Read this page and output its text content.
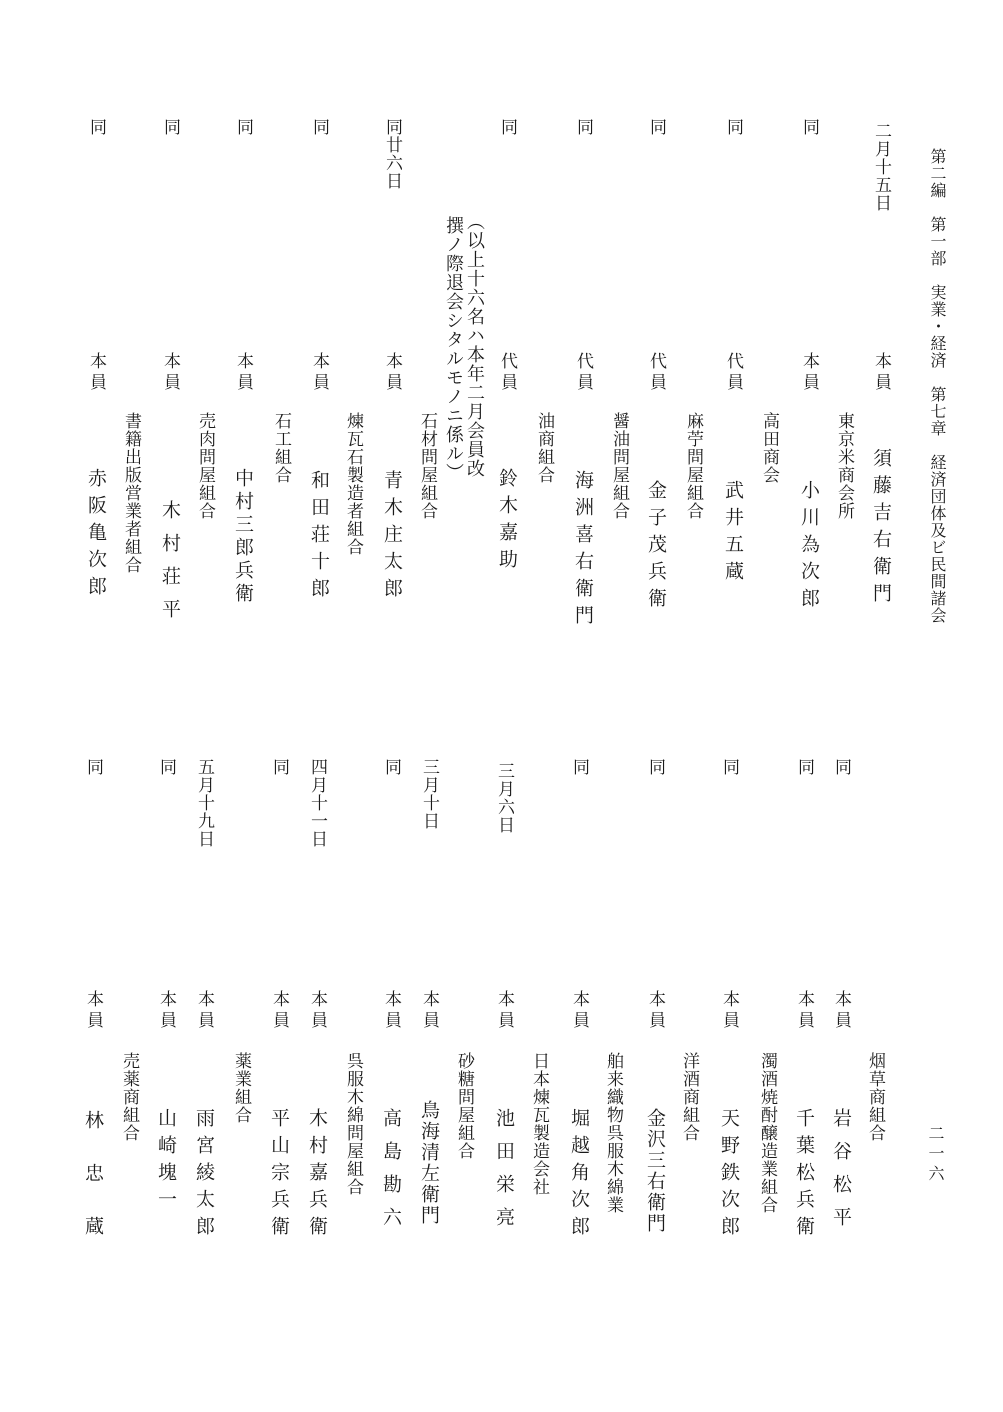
第二編　第一部　実業・経済　第七章　経済団体及ビ民間諸会
二一六
二月十五日
本員
須藤吉右衛門
同
本員
小川為次郎
東京米商会所
同
代員
武井五蔵
高田商会
同
代員
金子茂兵衛
麻苧問屋組合
同
代員
海洲喜右衛門
醤油問屋組合
同
代員
鈴木嘉助
油商組合
（以上十六名ハ本年二月会員改
撰ノ際退会シタルモノニ係ル）
石材問屋組合
同廿六日
本員
青木庄太郎
煉瓦石製造者組合
同
本員
和田荘十郎
石工組合
同
本員
中村三郎兵衛
売肉問屋組合
同
本員
木村荘平
書籍出版営業者組合
同
本員
赤阪亀次郎
同
本員
岩谷松平
烟草商組合
同
本員
千葉松兵衛
濁酒焼酎醸造業組合
同
本員
天野鉄次郎
洋酒商組合
同
本員
金沢三右衛門
舶来織物呉服木綿業
同
本員
堀越角次郎
日本煉瓦製造会社
三月六日
本員
池田栄亮
砂糖問屋組合
三月十日
本員
鳥海清左衛門
同
本員
高島勘六
呉服木綿問屋組合
四月十一日
本員
木村嘉兵衛
同
本員
平山宗兵衛
薬業組合
五月十九日
本員
雨宮綾太郎
同
本員
山崎塊一
売薬商組合
同
本員
林忠蔵
